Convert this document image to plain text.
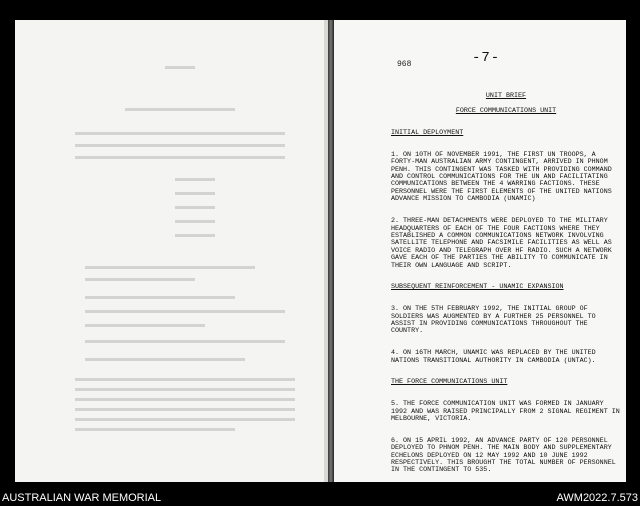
968	-7-

UNIT BRIEF

FORCE COMMUNICATIONS UNIT

INITIAL DEPLOYMENT

1. ON 10TH OF NOVEMBER 1991, THE FIRST UN TROOPS, A FORTY-MAN AUSTRALIAN ARMY CONTINGENT, ARRIVED IN PHNOM PENH. THIS CONTINGENT WAS TASKED WITH PROVIDING COMMAND AND CONTROL COMMUNICATIONS FOR THE UN AND FACILITATING COMMUNICATIONS BETWEEN THE 4 WARRING FACTIONS. THESE PERSONNEL WERE THE FIRST ELEMENTS OF THE UNITED NATIONS ADVANCE MISSION TO CAMBODIA (UNAMIC)

2. THREE-MAN DETACHMENTS WERE DEPLOYED TO THE MILITARY HEADQUARTERS OF EACH OF THE FOUR FACTIONS WHERE THEY ESTABLISHED A COMMON COMMUNICATIONS NETWORK INVOLVING SATELLITE TELEPHONE AND FACSIMILE FACILITIES AS WELL AS VOICE RADIO AND TELEGRAPH OVER HF RADIO. SUCH A NETWORK GAVE EACH OF THE PARTIES THE ABILITY TO COMMUNICATE IN THEIR OWN LANGUAGE AND SCRIPT.

SUBSEQUENT REINFORCEMENT - UNAMIC EXPANSION

3. ON THE 5TH FEBRUARY 1992, THE INITIAL GROUP OF SOLDIERS WAS AUGMENTED BY A FURTHER 25 PERSONNEL TO ASSIST IN PROVIDING COMMUNICATIONS THROUGHOUT THE COUNTRY.

4. ON 16TH MARCH, UNAMIC WAS REPLACED BY THE UNITED NATIONS TRANSITIONAL AUTHORITY IN CAMBODIA (UNTAC).

THE FORCE COMMUNICATIONS UNIT

5. THE FORCE COMMUNICATION UNIT WAS FORMED IN JANUARY 1992 AND WAS RAISED PRINCIPALLY FROM 2 SIGNAL REGIMENT IN MELBOURNE, VICTORIA.

6. ON 15 APRIL 1992, AN ADVANCE PARTY OF 120 PERSONNEL DEPLOYED TO PHNOM PENH. THE MAIN BODY AND SUPPLEMENTARY ECHELONS DEPLOYED ON 12 MAY 1992 AND 10 JUNE 1992 RESPECTIVELY. THIS BROUGHT THE TOTAL NUMBER OF PERSONNEL IN THE CONTINGENT TO 535.

AUSTRALIAN WAR MEMORIAL	AWM2022.7.573
